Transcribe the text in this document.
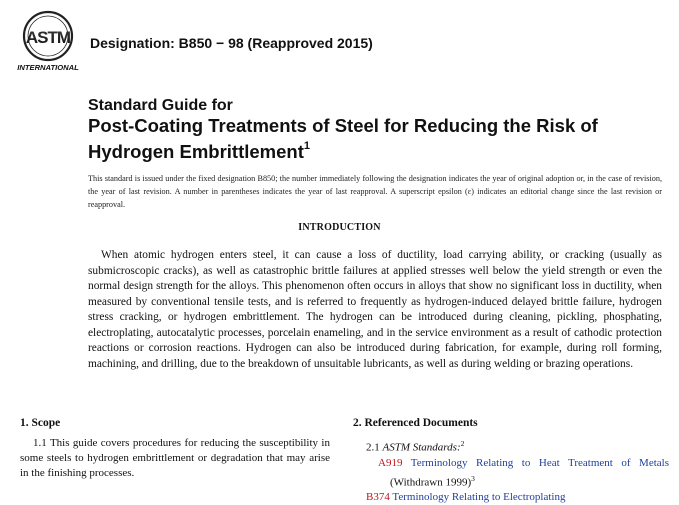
ASTM
INTERNATIONAL
Designation: B850 − 98 (Reapproved 2015)
Standard Guide for
Post-Coating Treatments of Steel for Reducing the Risk of Hydrogen Embrittlement$^1$
This standard is issued under the fixed designation B850; the number immediately following the designation indicates the year of original adoption or, in the case of revision, the year of last revision. A number in parentheses indicates the year of last reapproval. A superscript epsilon (ε) indicates an editorial change since the last revision or reapproval.
INTRODUCTION
When atomic hydrogen enters steel, it can cause a loss of ductility, load carrying ability, or cracking (usually as submicroscopic cracks), as well as catastrophic brittle failures at applied stresses well below the yield strength or even the normal design strength for the alloys. This phenomenon often occurs in alloys that show no significant loss in ductility, when measured by conventional tensile tests, and is referred to frequently as hydrogen-induced delayed brittle failure, hydrogen stress cracking, or hydrogen embrittlement. The hydrogen can be introduced during cleaning, pickling, phosphating, electroplating, autocatalytic processes, porcelain enameling, and in the service environment as a result of cathodic protection reactions or corrosion reactions. Hydrogen can also be introduced during fabrication, for example, during roll forming, machining, and drilling, due to the breakdown of unsuitable lubricants, as well as during welding or brazing operations.
1. Scope
1.1 This guide covers procedures for reducing the susceptibility in some steels to hydrogen embrittlement or degradation that may arise in the finishing processes.
2. Referenced Documents
2.1 ASTM Standards:$^2$
A919 Terminology Relating to Heat Treatment of Metals (Withdrawn 1999)$^3$
B374 Terminology Relating to Electroplating
